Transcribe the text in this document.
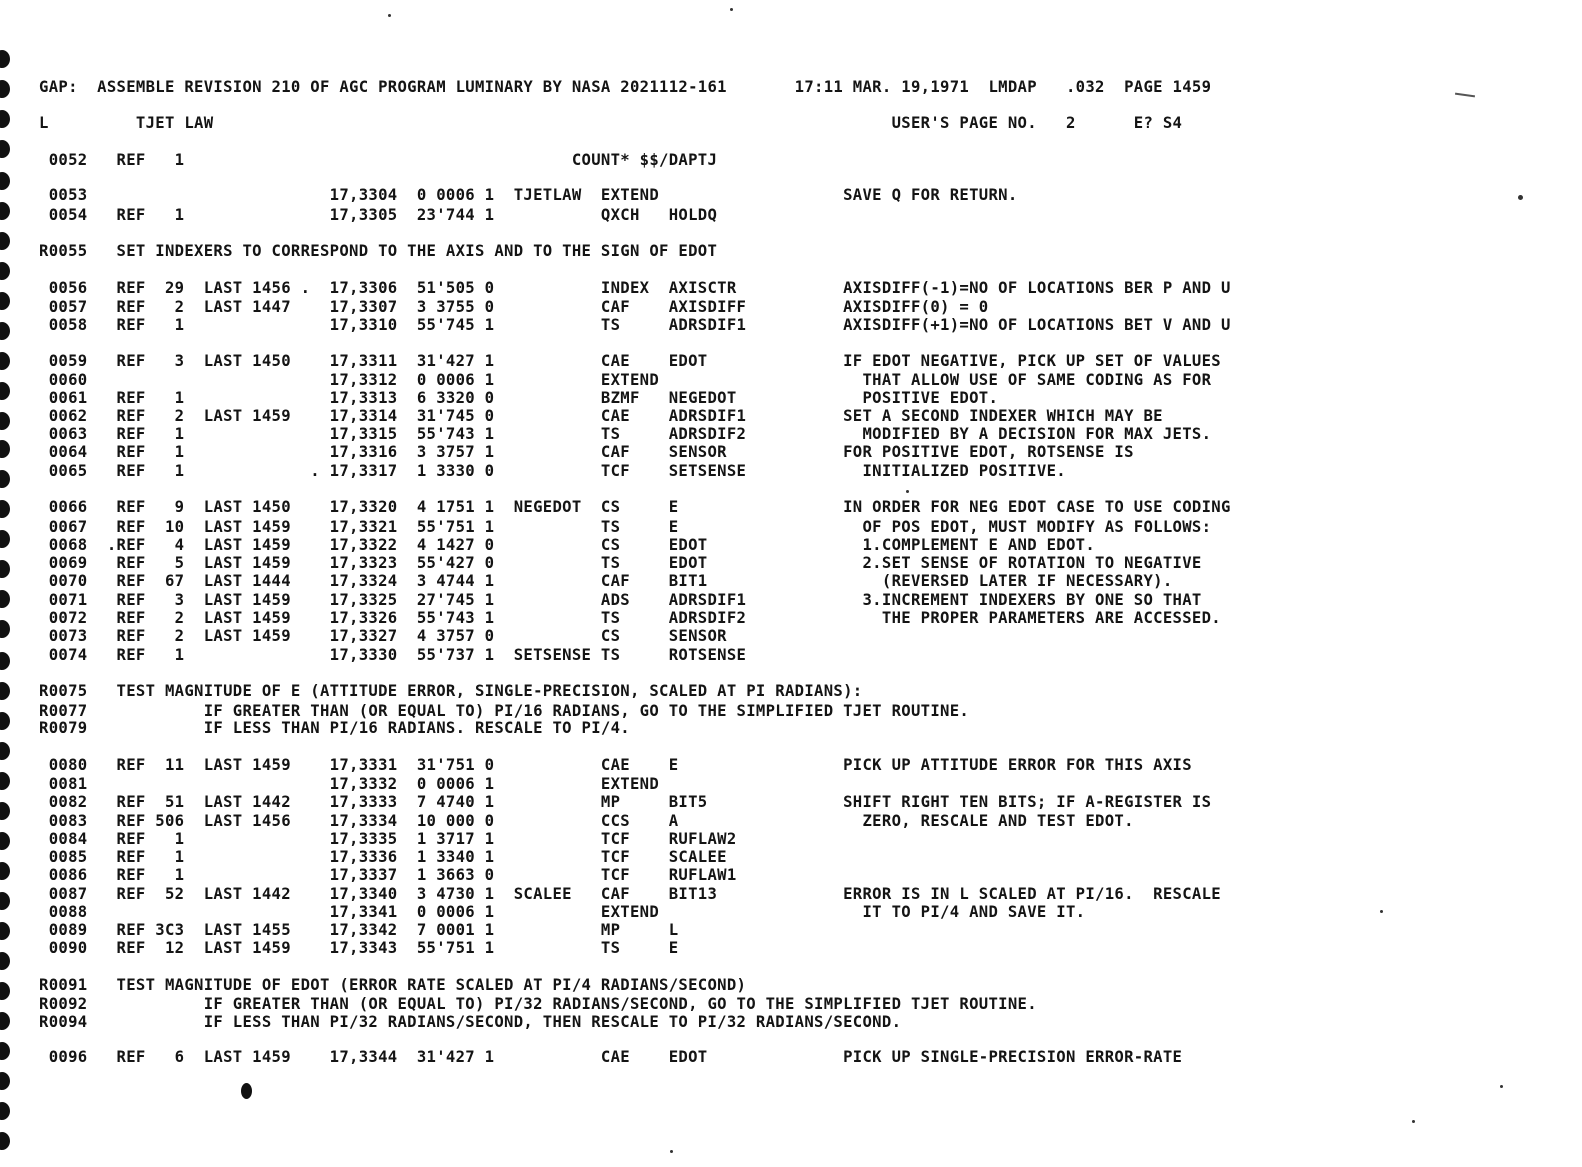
GAP:  ASSEMBLE REVISION 210 OF AGC PROGRAM LUMINARY BY NASA 2021112-161       17:11 MAR. 19,1971  LMDAP   .032  PAGE 1459
L         TJET LAW                                                                      USER'S PAGE NO.   2      E? S4
0052   REF   1                                        COUNT* $$/DAPTJ
0053                         17,3304  0 0006 1  TJETLAW  EXTEND                   SAVE Q FOR RETURN.
0054   REF   1               17,3305  23'744 1           QXCH   HOLDQ
R0055   SET INDEXERS TO CORRESPOND TO THE AXIS AND TO THE SIGN OF EDOT
0056   REF  29  LAST 1456 .  17,3306  51'505 0           INDEX  AXISCTR           AXISDIFF(-1)=NO OF LOCATIONS BER P AND U
0057   REF   2  LAST 1447    17,3307  3 3755 0           CAF    AXISDIFF          AXISDIFF(0) = 0
0058   REF   1               17,3310  55'745 1           TS     ADRSDIF1          AXISDIFF(+1)=NO OF LOCATIONS BET V AND U
0059   REF   3  LAST 1450    17,3311  31'427 1           CAE    EDOT              IF EDOT NEGATIVE, PICK UP SET OF VALUES
0060                         17,3312  0 0006 1           EXTEND                     THAT ALLOW USE OF SAME CODING AS FOR
0061   REF   1               17,3313  6 3320 0           BZMF   NEGEDOT             POSITIVE EDOT.
0062   REF   2  LAST 1459    17,3314  31'745 0           CAE    ADRSDIF1          SET A SECOND INDEXER WHICH MAY BE
0063   REF   1               17,3315  55'743 1           TS     ADRSDIF2            MODIFIED BY A DECISION FOR MAX JETS.
0064   REF   1               17,3316  3 3757 1           CAF    SENSOR            FOR POSITIVE EDOT, ROTSENSE IS
0065   REF   1             . 17,3317  1 3330 0           TCF    SETSENSE            INITIALIZED POSITIVE.
0066   REF   9  LAST 1450    17,3320  4 1751 1  NEGEDOT  CS     E                 IN ORDER FOR NEG EDOT CASE TO USE CODING
0067   REF  10  LAST 1459    17,3321  55'751 1           TS     E                   OF POS EDOT, MUST MODIFY AS FOLLOWS:
0068  .REF   4  LAST 1459    17,3322  4 1427 0           CS     EDOT                1.COMPLEMENT E AND EDOT.
0069   REF   5  LAST 1459    17,3323  55'427 0           TS     EDOT                2.SET SENSE OF ROTATION TO NEGATIVE
0070   REF  67  LAST 1444    17,3324  3 4744 1           CAF    BIT1                  (REVERSED LATER IF NECESSARY).
0071   REF   3  LAST 1459    17,3325  27'745 1           ADS    ADRSDIF1            3.INCREMENT INDEXERS BY ONE SO THAT
0072   REF   2  LAST 1459    17,3326  55'743 1           TS     ADRSDIF2              THE PROPER PARAMETERS ARE ACCESSED.
0073   REF   2  LAST 1459    17,3327  4 3757 0           CS     SENSOR
0074   REF   1               17,3330  55'737 1  SETSENSE TS     ROTSENSE
R0075   TEST MAGNITUDE OF E (ATTITUDE ERROR, SINGLE-PRECISION, SCALED AT PI RADIANS):
R0077            IF GREATER THAN (OR EQUAL TO) PI/16 RADIANS, GO TO THE SIMPLIFIED TJET ROUTINE.
R0079            IF LESS THAN PI/16 RADIANS. RESCALE TO PI/4.
0080   REF  11  LAST 1459    17,3331  31'751 0           CAE    E                 PICK UP ATTITUDE ERROR FOR THIS AXIS
0081                         17,3332  0 0006 1           EXTEND
0082   REF  51  LAST 1442    17,3333  7 4740 1           MP     BIT5              SHIFT RIGHT TEN BITS; IF A-REGISTER IS
0083   REF 506  LAST 1456    17,3334  10 000 0           CCS    A                   ZERO, RESCALE AND TEST EDOT.
0084   REF   1               17,3335  1 3717 1           TCF    RUFLAW2
0085   REF   1               17,3336  1 3340 1           TCF    SCALEE
0086   REF   1               17,3337  1 3663 0           TCF    RUFLAW1
0087   REF  52  LAST 1442    17,3340  3 4730 1  SCALEE   CAF    BIT13             ERROR IS IN L SCALED AT PI/16.  RESCALE
0088                         17,3341  0 0006 1           EXTEND                     IT TO PI/4 AND SAVE IT.
0089   REF 3C3  LAST 1455    17,3342  7 0001 1           MP     L
0090   REF  12  LAST 1459    17,3343  55'751 1           TS     E
R0091   TEST MAGNITUDE OF EDOT (ERROR RATE SCALED AT PI/4 RADIANS/SECOND)
R0092            IF GREATER THAN (OR EQUAL TO) PI/32 RADIANS/SECOND, GO TO THE SIMPLIFIED TJET ROUTINE.
R0094            IF LESS THAN PI/32 RADIANS/SECOND, THEN RESCALE TO PI/32 RADIANS/SECOND.
0096   REF   6  LAST 1459    17,3344  31'427 1           CAE    EDOT              PICK UP SINGLE-PRECISION ERROR-RATE
